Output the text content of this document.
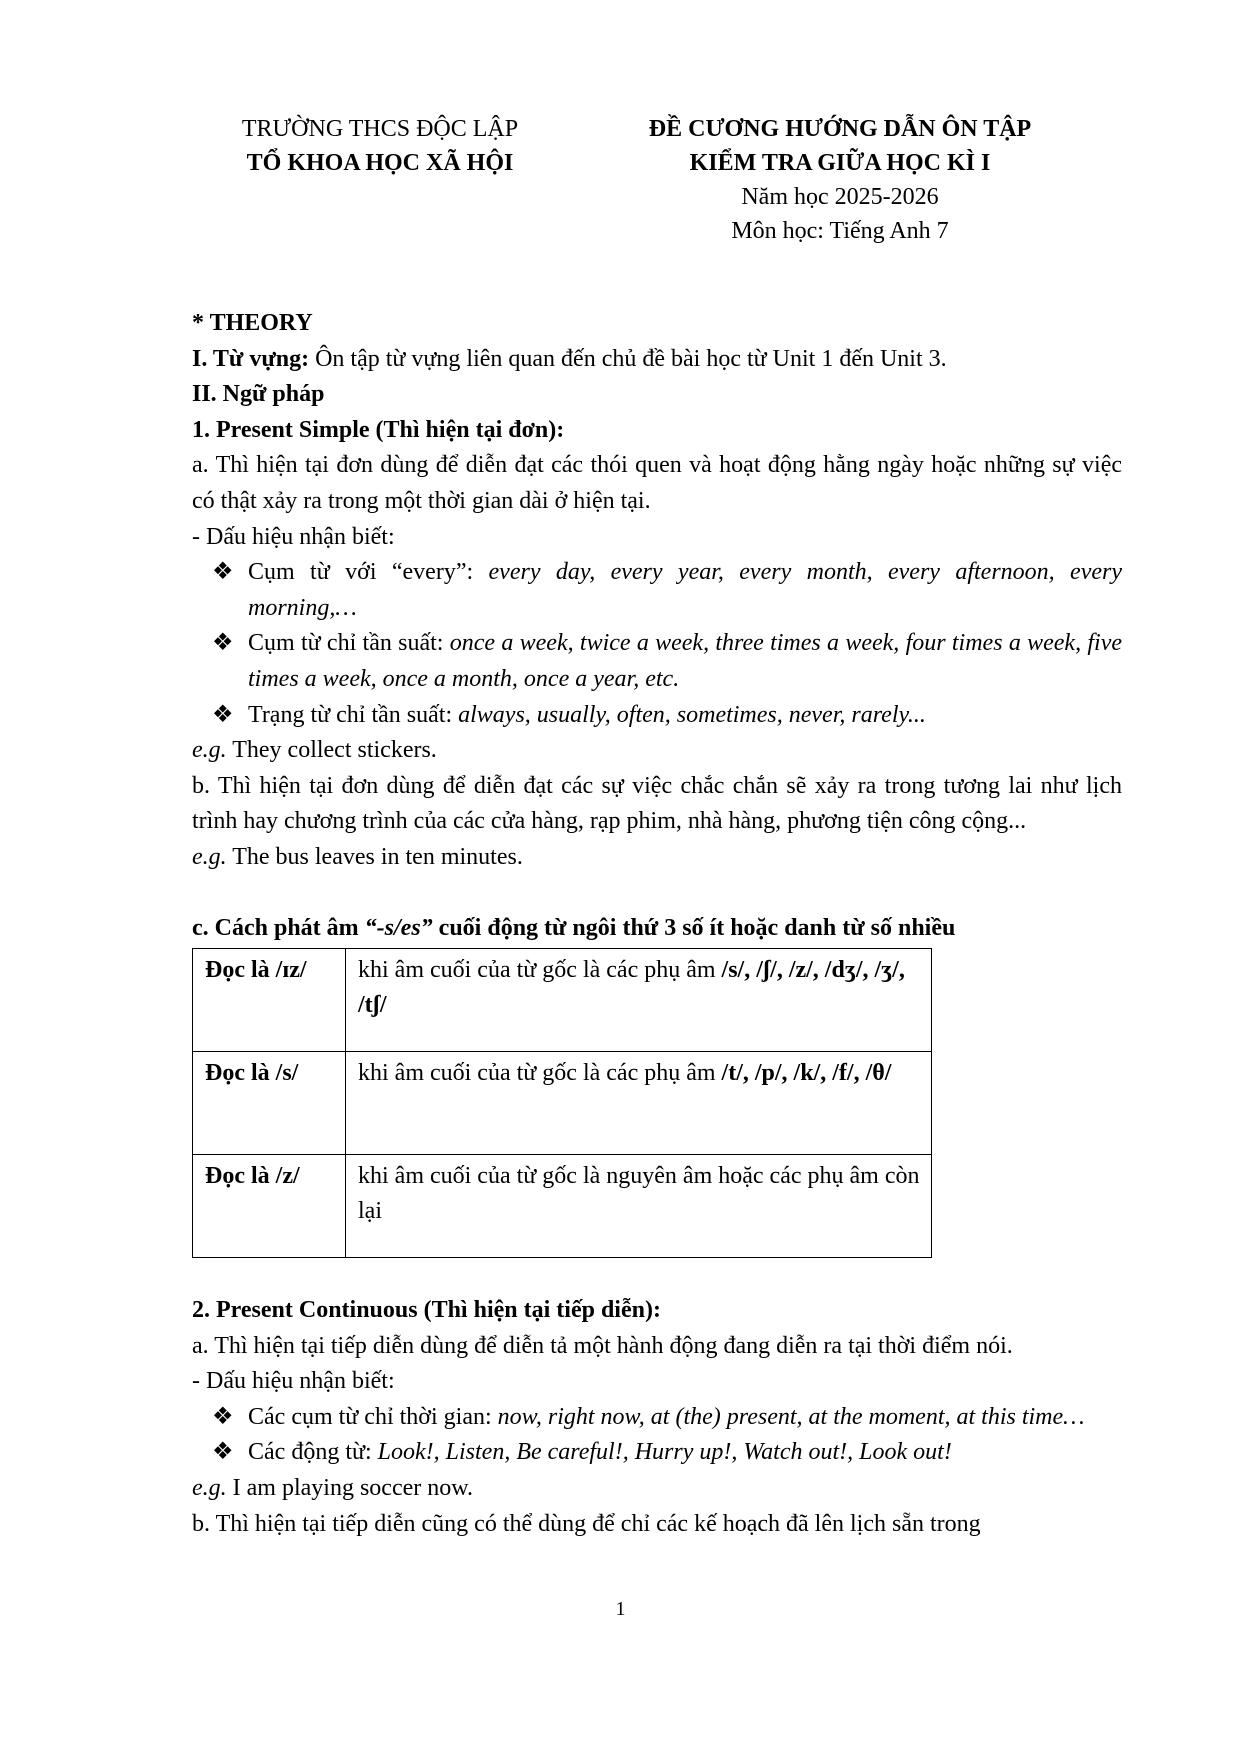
TRƯỜNG THCS ĐỘC LẬP
TỔ KHOA HỌC XÃ HỘI
ĐỀ CƯƠNG HƯỚNG DẪN ÔN TẬP
KIỂM TRA GIỮA HỌC KÌ I
Năm học 2025-2026
Môn học: Tiếng Anh 7

* THEORY

I. Từ vựng: Ôn tập từ vựng liên quan đến chủ đề bài học từ Unit 1 đến Unit 3.

II. Ngữ pháp

1. Present Simple (Thì hiện tại đơn):

a. Thì hiện tại đơn dùng để diễn đạt các thói quen và hoạt động hằng ngày hoặc những sự việc có thật xảy ra trong một thời gian dài ở hiện tại.

- Dấu hiệu nhận biết:

❖ Cụm từ với “every”: every day, every year, every month, every afternoon, every morning,…

❖ Cụm từ chỉ tần suất: once a week, twice a week, three times a week, four times a week, five times a week, once a month, once a year, etc.

❖ Trạng từ chỉ tần suất: always, usually, often, sometimes, never, rarely...

e.g. They collect stickers.

b. Thì hiện tại đơn dùng để diễn đạt các sự việc chắc chắn sẽ xảy ra trong tương lai như lịch trình hay chương trình của các cửa hàng, rạp phim, nhà hàng, phương tiện công cộng...

e.g. The bus leaves in ten minutes.

c. Cách phát âm “-s/es” cuối động từ ngôi thứ 3 số ít hoặc danh từ số nhiều

Đọc là /ɪz/	khi âm cuối của từ gốc là các phụ âm /s/, /ʃ/, /z/, /dʒ/, /ʒ/, /tʃ/
Đọc là /s/	khi âm cuối của từ gốc là các phụ âm /t/, /p/, /k/, /f/, /θ/
Đọc là /z/	khi âm cuối của từ gốc là nguyên âm hoặc các phụ âm còn lại

2. Present Continuous (Thì hiện tại tiếp diễn):

a. Thì hiện tại tiếp diễn dùng để diễn tả một hành động đang diễn ra tại thời điểm nói.

- Dấu hiệu nhận biết:

❖ Các cụm từ chỉ thời gian: now, right now, at (the) present, at the moment, at this time…

❖ Các động từ: Look!, Listen, Be careful!, Hurry up!, Watch out!, Look out!

e.g. I am playing soccer now.

b. Thì hiện tại tiếp diễn cũng có thể dùng để chỉ các kế hoạch đã lên lịch sẵn trong

1
